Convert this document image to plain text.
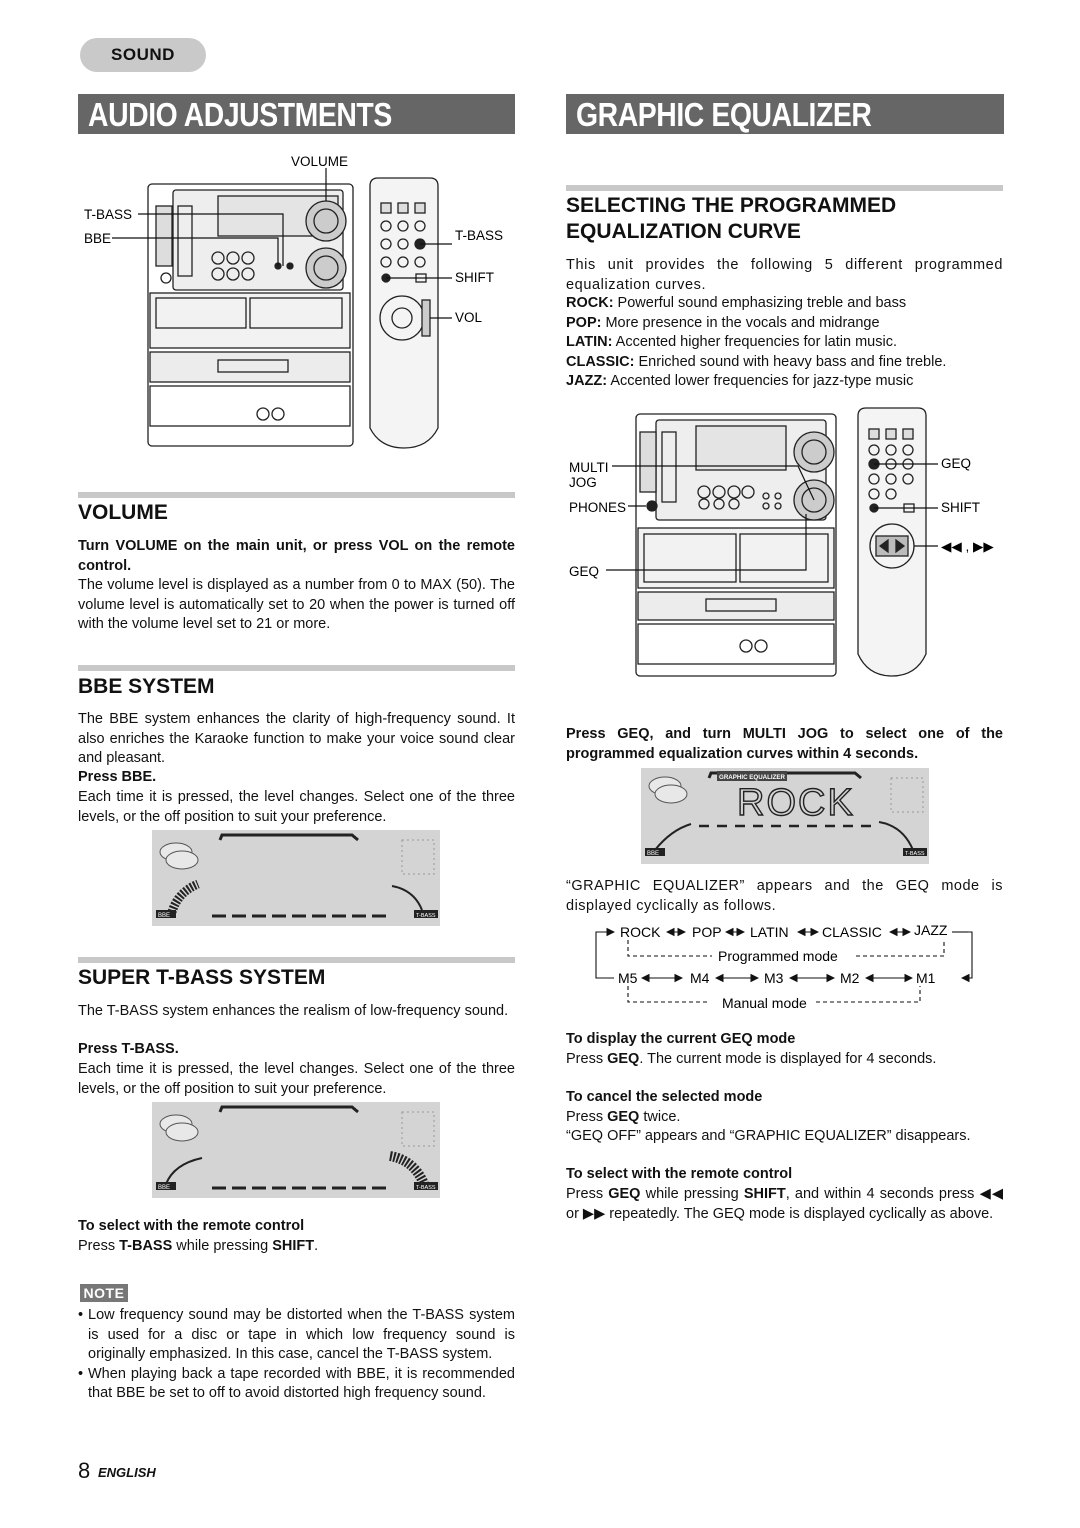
SOUND
AUDIO ADJUSTMENTS	GRAPHIC EQUALIZER
VOLUME
T-BASS
BBE	T-BASS
SHIFT
VOL
VOLUME

Turn VOLUME on the main unit, or press VOL on the remote control.

The volume level is displayed as a number from 0 to MAX (50). The volume level is automatically set to 20 when the power is turned off with the volume level set to 21 or more.

BBE SYSTEM

The BBE system enhances the clarity of high-frequency sound. It also enriches the Karaoke function to make your voice sound clear and pleasant.

Press BBE.

Each time it is pressed, the level changes. Select one of the three levels, or the off position to suit your preference.

BBE	T-BASS
SUPER T-BASS SYSTEM

The T-BASS system enhances the realism of low-frequency sound.

Press T-BASS.

Each time it is pressed, the level changes. Select one of the three levels, or the off position to suit your preference.

BBE	T-BASS

To select with the remote control

Press T-BASS while pressing SHIFT.

NOTE
• Low frequency sound may be distorted when the T-BASS system is used for a disc or tape in which low frequency sound is originally emphasized. In this case, cancel the T-BASS system.

• When playing back a tape recorded with BBE, it is recommended that BBE be set to off to avoid distorted high frequency sound.

8 ENGLISH
SELECTING THE PROGRAMMED
EQUALIZATION CURVE

This unit provides the following 5 different programmed equalization curves.

ROCK: Powerful sound emphasizing treble and bass

POP: More presence in the vocals and midrange

LATIN: Accented higher frequencies for latin music.

CLASSIC: Enriched sound with heavy bass and fine treble.

JAZZ: Accented lower frequencies for jazz-type music

MULTI
JOG
PHONES
GEQ
GEQ
SHIFT
◀◀ , ▶▶

Press GEQ, and turn MULTI JOG to select one of the programmed equalization curves within 4 seconds.

GRAPHIC EQUALIZER
ROCK
BBE	T-BASS

“GRAPHIC EQUALIZER” appears and the GEQ mode is displayed cyclically as follows.

ROCK POP LATIN CLASSIC JAZZ
Programmed mode
M5	M4	M3	M2	M1
Manual mode

To display the current GEQ mode

Press GEQ. The current mode is displayed for 4 seconds.

To cancel the selected mode

Press GEQ twice.

“GEQ OFF” appears and “GRAPHIC EQUALIZER” disappears.

To select with the remote control

Press GEQ while pressing SHIFT, and within 4 seconds press ◀◀ or ▶▶ repeatedly. The GEQ mode is displayed cyclically as above.
